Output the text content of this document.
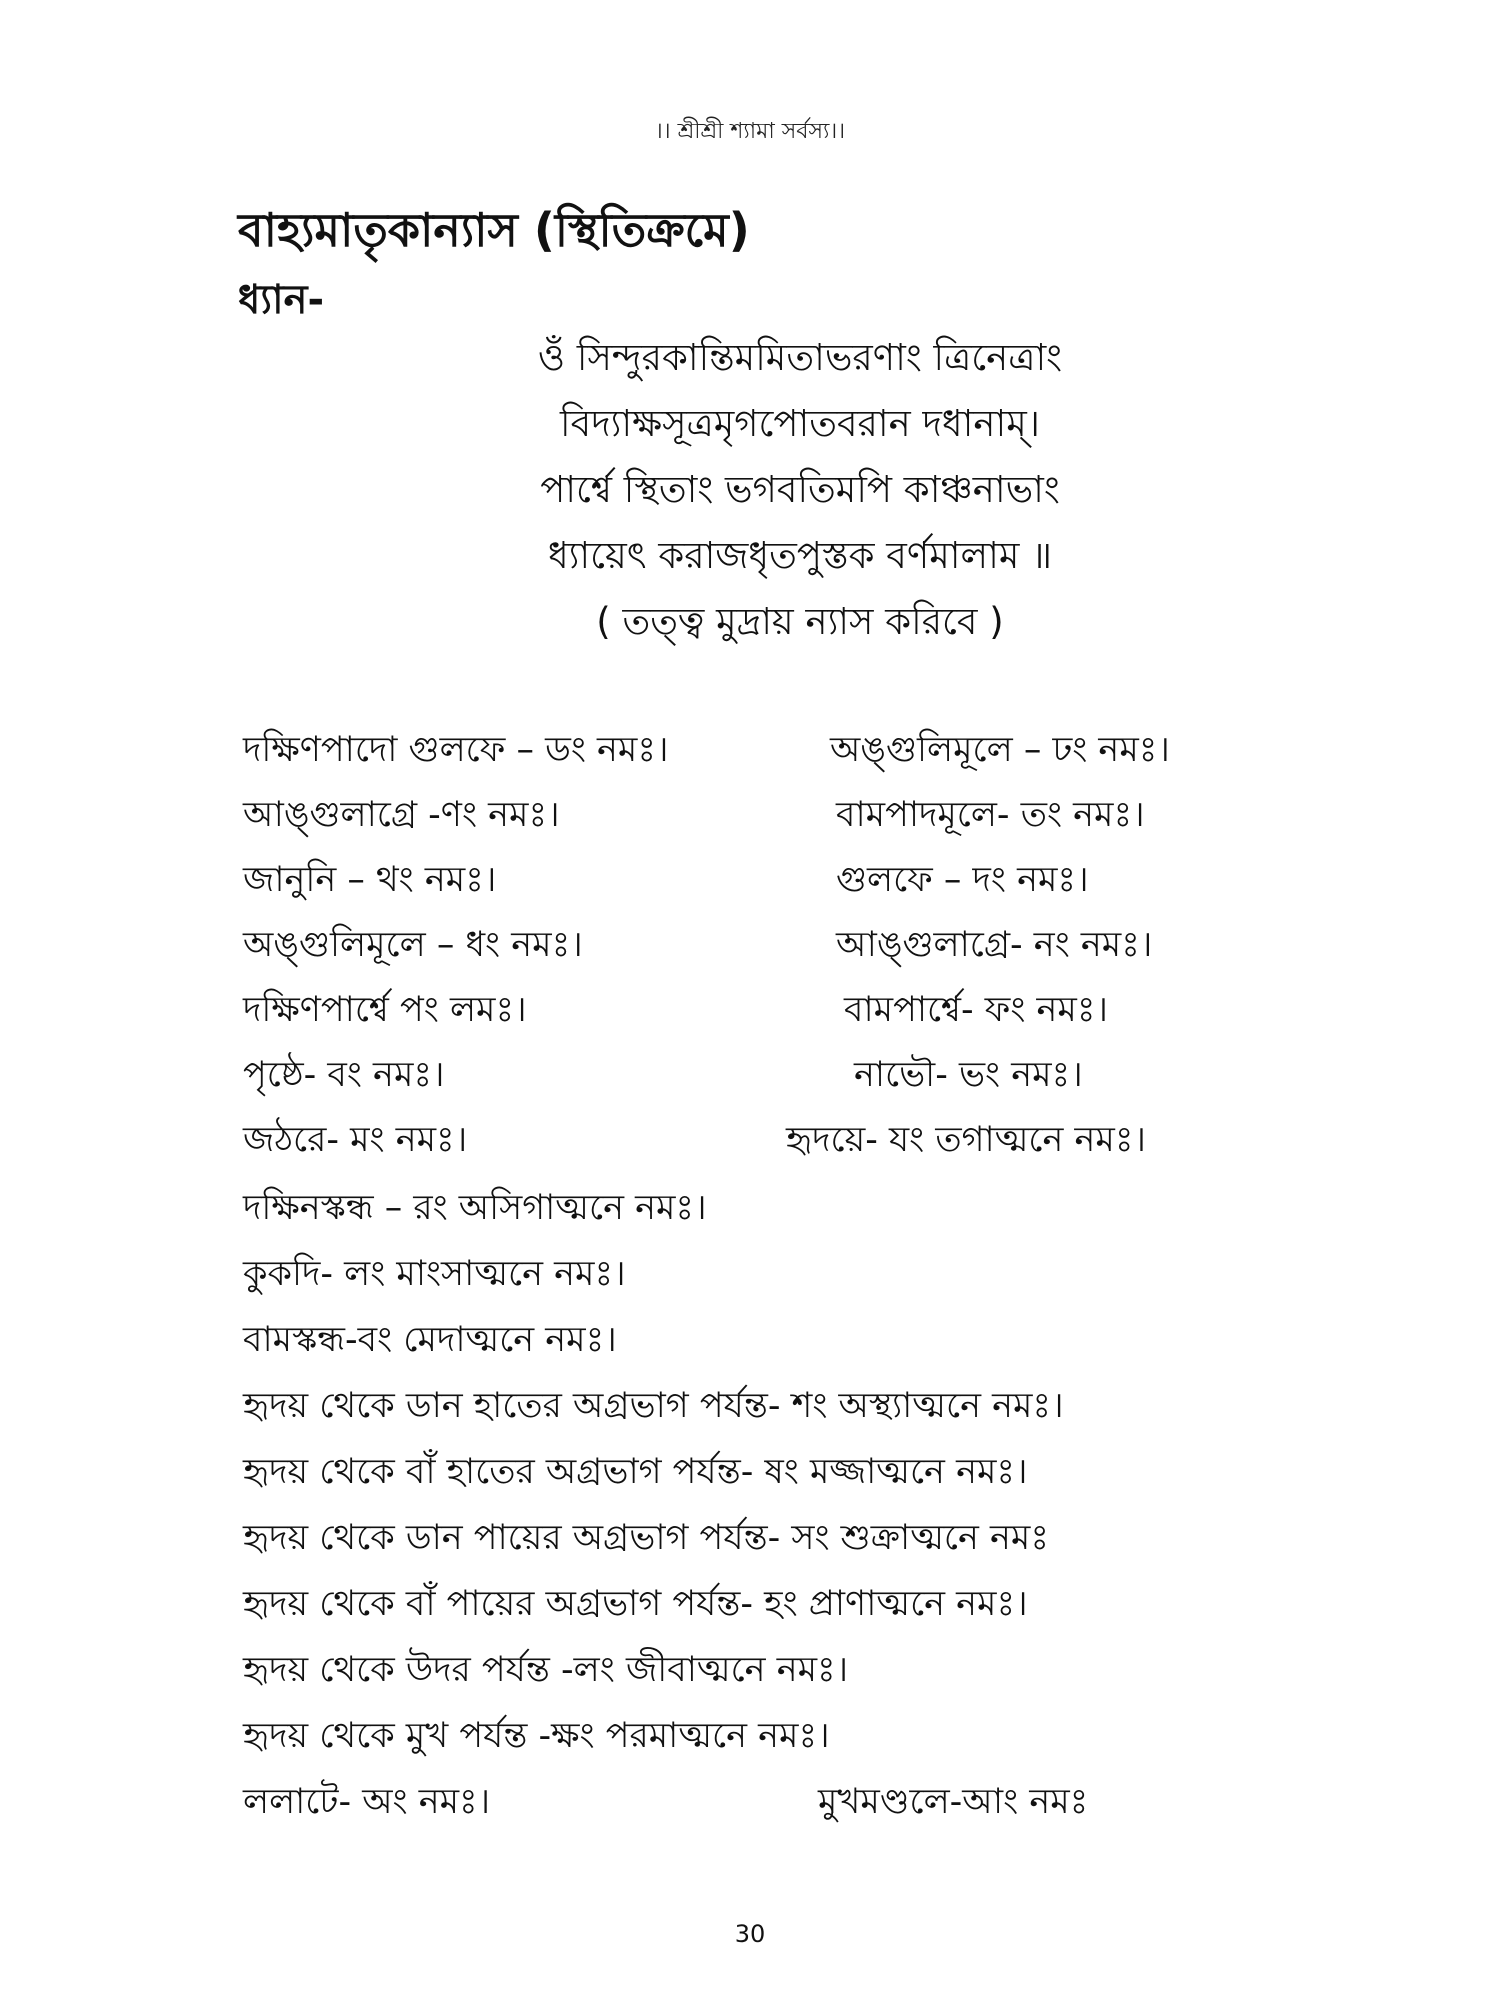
।। শ্রীশ্রী শ্যামা সর্বস্য।।
বাহ্যমাতৃকান্যাস (স্থিতিক্রমে)
ধ্যান-
ওঁ সিন্দুরকান্তিমমিতাভরণাং ত্রিনেত্রাং
বিদ্যাক্ষসূত্রমৃগপোতবরান দধানাম্।
পার্শ্বে স্থিতাং ভগবতিমপি কাঞ্চনাভাং
ধ্যায়েৎ করাজধৃতপুস্তক বর্ণমালাম ॥
( তত্ত্ব মুদ্রায় ন্যাস করিবে )
দক্ষিণপাদো গুলফে – ডং নমঃ।	অঙ্গুলিমূলে – ঢং নমঃ।
আঙ্গুলাগ্রে -ণং নমঃ।	বামপাদমূলে- তং নমঃ।
জানুনি – থং নমঃ।	গুলফে – দং নমঃ।
অঙ্গুলিমূলে – ধং নমঃ।	আঙ্গুলাগ্রে- নং নমঃ।
দক্ষিণপার্শ্বে পং লমঃ।	বামপার্শ্বে- ফং নমঃ।
পৃষ্ঠে- বং নমঃ।	নাভৌ- ভং নমঃ।
জঠরে- মং নমঃ।	হৃদয়ে- যং তগাত্মনে নমঃ।
দক্ষিনস্কন্ধ – রং অসিগাত্মনে নমঃ।
কুকদি- লং মাংসাত্মনে নমঃ।
বামস্কন্ধ-বং মেদাত্মনে নমঃ।
হৃদয় থেকে ডান হাতের অগ্রভাগ পর্যন্ত- শং অস্থ্যাত্মনে নমঃ।
হৃদয় থেকে বাঁ হাতের অগ্রভাগ পর্যন্ত- ষং মজ্জাত্মনে নমঃ।
হৃদয় থেকে ডান পায়ের অগ্রভাগ পর্যন্ত- সং শুক্রাত্মনে নমঃ
হৃদয় থেকে বাঁ পায়ের অগ্রভাগ পর্যন্ত- হং প্রাণাত্মনে নমঃ।
হৃদয় থেকে উদর পর্যন্ত -লং জীবাত্মনে নমঃ।
হৃদয় থেকে মুখ পর্যন্ত -ক্ষং পরমাত্মনে নমঃ।
ললাটে- অং নমঃ।	মুখমণ্ডলে-আং নমঃ
30
